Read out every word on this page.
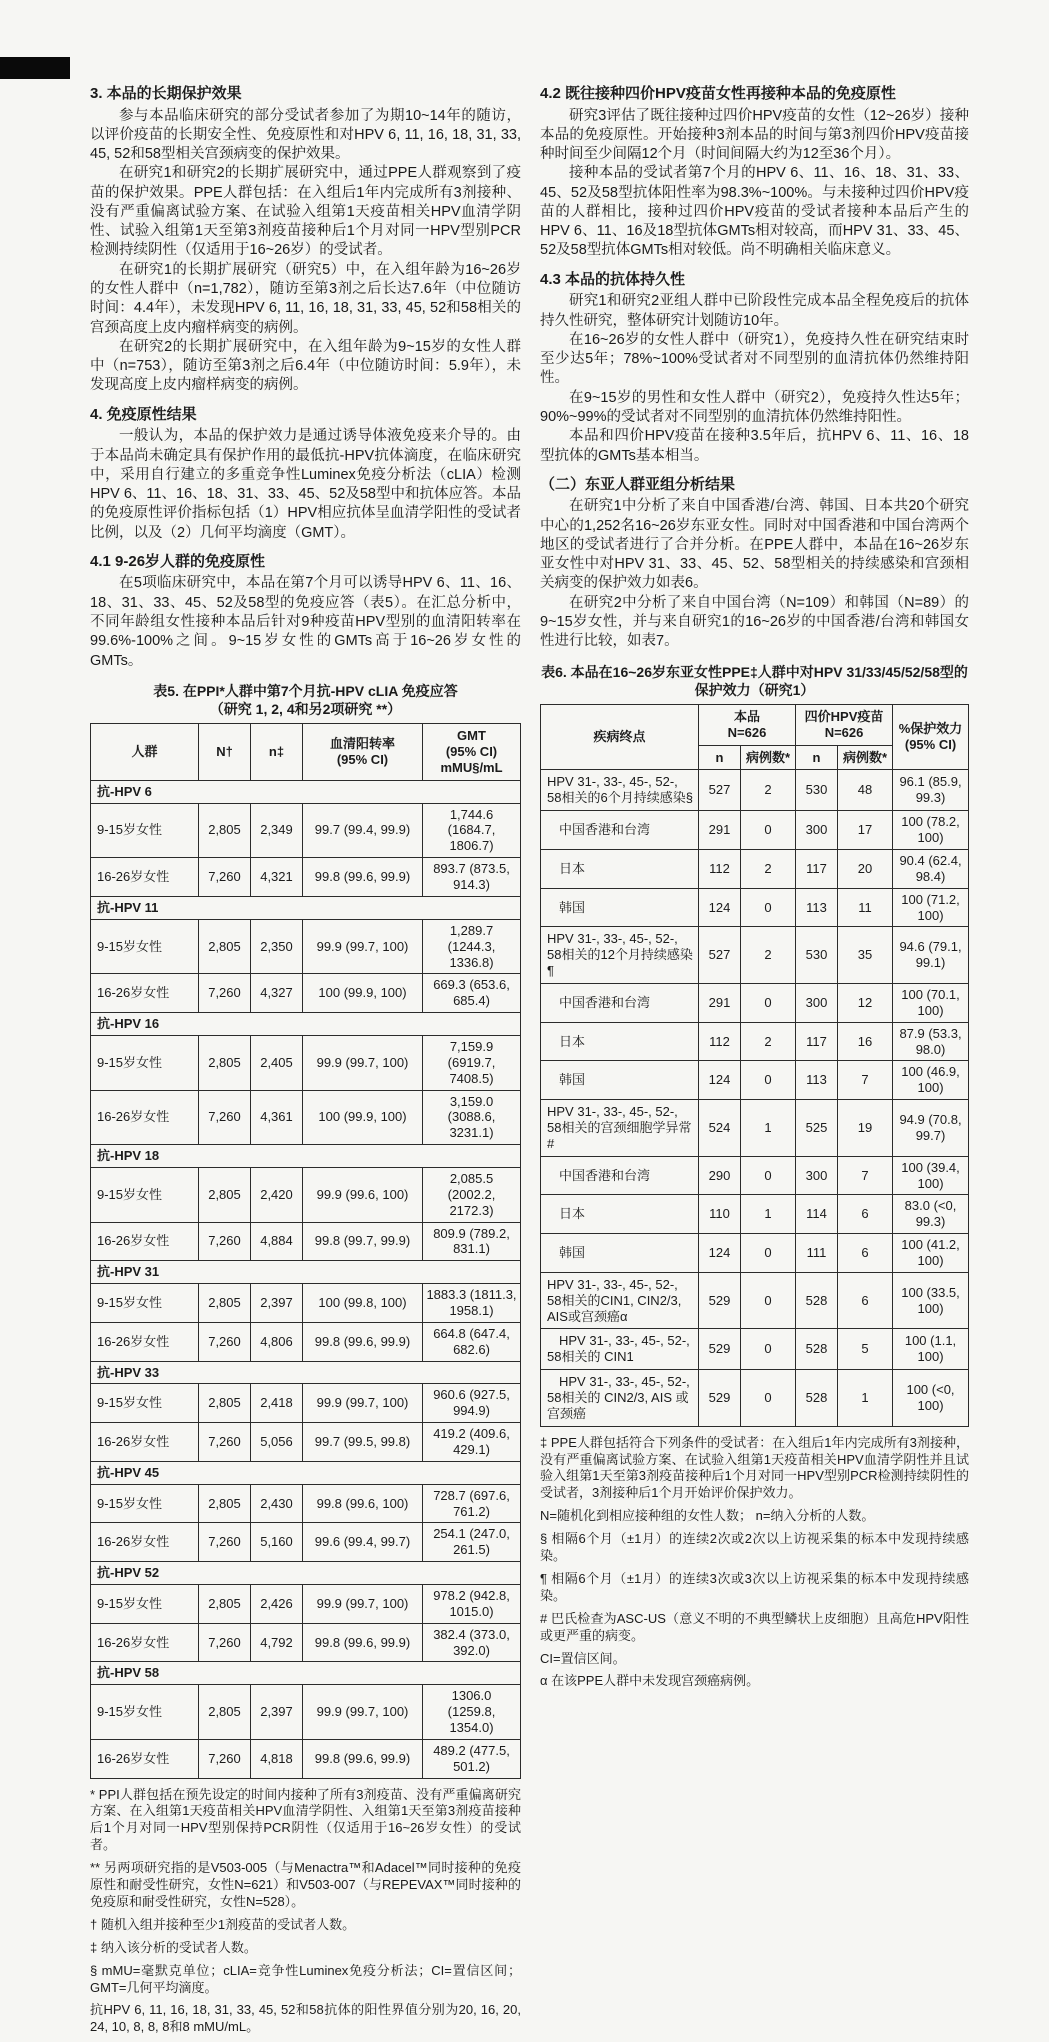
3. 本品的长期保护效果

参与本品临床研究的部分受试者参加了为期10~14年的随访，以评价疫苗的长期安全性、免疫原性和对HPV 6, 11, 16, 18, 31, 33, 45, 52和58型相关宫颈病变的保护效果。

在研究1和研究2的长期扩展研究中，通过PPE人群观察到了疫苗的保护效果。PPE人群包括：在入组后1年内完成所有3剂接种、没有严重偏离试验方案、在试验入组第1天疫苗相关HPV血清学阴性、试验入组第1天至第3剂疫苗接种后1个月对同一HPV型别PCR检测持续阴性（仅适用于16~26岁）的受试者。

在研究1的长期扩展研究（研究5）中，在入组年龄为16~26岁的女性人群中（n=1,782），随访至第3剂之后长达7.6年（中位随访时间：4.4年），未发现HPV 6, 11, 16, 18, 31, 33, 45, 52和58相关的宫颈高度上皮内瘤样病变的病例。

在研究2的长期扩展研究中，在入组年龄为9~15岁的女性人群中（n=753），随访至第3剂之后6.4年（中位随访时间：5.9年），未发现高度上皮内瘤样病变的病例。

4. 免疫原性结果

一般认为，本品的保护效力是通过诱导体液免疫来介导的。由于本品尚未确定具有保护作用的最低抗-HPV抗体滴度，在临床研究中，采用自行建立的多重竞争性Luminex免疫分析法（cLIA）检测HPV 6、11、16、18、31、33、45、52及58型中和抗体应答。本品的免疫原性评价指标包括（1）HPV相应抗体呈血清学阳性的受试者比例，以及（2）几何平均滴度（GMT）。

4.1 9-26岁人群的免疫原性

在5项临床研究中，本品在第7个月可以诱导HPV 6、11、16、18、31、33、45、52及58型的免疫应答（表5）。在汇总分析中，不同年龄组女性接种本品后针对9种疫苗HPV型别的血清阳转率在99.6%-100%之间。9~15岁女性的GMTs高于16~26岁女性的GMTs。

表5. 在PPI*人群中第7个月抗-HPV cLIA 免疫应答
（研究 1, 2, 4和另2项研究 **）
人群	N†	n‡	血清阳转率
(95% CI)	GMT
(95% CI) mMU§/mL
抗-HPV 6				
9-15岁女性	2,805	2,349	99.7 (99.4, 99.9)	1,744.6 (1684.7, 1806.7)
16-26岁女性	7,260	4,321	99.8 (99.6, 99.9)	893.7 (873.5, 914.3)
抗-HPV 11				
9-15岁女性	2,805	2,350	99.9 (99.7, 100)	1,289.7 (1244.3, 1336.8)
16-26岁女性	7,260	4,327	100 (99.9, 100)	669.3 (653.6, 685.4)
抗-HPV 16				
9-15岁女性	2,805	2,405	99.9 (99.7, 100)	7,159.9 (6919.7, 7408.5)
16-26岁女性	7,260	4,361	100 (99.9, 100)	3,159.0 (3088.6, 3231.1)
抗-HPV 18				
9-15岁女性	2,805	2,420	99.9 (99.6, 100)	2,085.5 (2002.2, 2172.3)
16-26岁女性	7,260	4,884	99.8 (99.7, 99.9)	809.9 (789.2, 831.1)
抗-HPV 31				
9-15岁女性	2,805	2,397	100 (99.8, 100)	1883.3 (1811.3, 1958.1)
16-26岁女性	7,260	4,806	99.8 (99.6, 99.9)	664.8 (647.4, 682.6)
抗-HPV 33				
9-15岁女性	2,805	2,418	99.9 (99.7, 100)	960.6 (927.5, 994.9)
16-26岁女性	7,260	5,056	99.7 (99.5, 99.8)	419.2 (409.6, 429.1)
抗-HPV 45				
9-15岁女性	2,805	2,430	99.8 (99.6, 100)	728.7 (697.6, 761.2)
16-26岁女性	7,260	5,160	99.6 (99.4, 99.7)	254.1 (247.0, 261.5)
抗-HPV 52				
9-15岁女性	2,805	2,426	99.9 (99.7, 100)	978.2 (942.8, 1015.0)
16-26岁女性	7,260	4,792	99.8 (99.6, 99.9)	382.4 (373.0, 392.0)
抗-HPV 58				
9-15岁女性	2,805	2,397	99.9 (99.7, 100)	1306.0 (1259.8, 1354.0)
16-26岁女性	7,260	4,818	99.8 (99.6, 99.9)	489.2 (477.5, 501.2)
* PPI人群包括在预先设定的时间内接种了所有3剂疫苗、没有严重偏离研究方案、在入组第1天疫苗相关HPV血清学阴性、入组第1天至第3剂疫苗接种后1个月对同一HPV型别保持PCR阴性（仅适用于16~26岁女性）的受试者。
** 另两项研究指的是V503-005（与Menactra™和Adacel™同时接种的免疫原性和耐受性研究，女性N=621）和V503-007（与REPEVAX™同时接种的免疫原和耐受性研究，女性N=528）。
† 随机入组并接种至少1剂疫苗的受试者人数。
‡ 纳入该分析的受试者人数。
§ mMU=毫默克单位；cLIA=竞争性Luminex免疫分析法；CI=置信区间；GMT=几何平均滴度。
抗HPV 6, 11, 16, 18, 31, 33, 45, 52和58抗体的阳性界值分别为20, 16, 20, 24, 10, 8, 8, 8和8 mMU/mL。
4.2 既往接种四价HPV疫苗女性再接种本品的免疫原性

研究3评估了既往接种过四价HPV疫苗的女性（12~26岁）接种本品的免疫原性。开始接种3剂本品的时间与第3剂四价HPV疫苗接种时间至少间隔12个月（时间间隔大约为12至36个月）。

接种本品的受试者第7个月的HPV 6、11、16、18、31、33、45、52及58型抗体阳性率为98.3%~100%。与未接种过四价HPV疫苗的人群相比，接种过四价HPV疫苗的受试者接种本品后产生的HPV 6、11、16及18型抗体GMTs相对较高，而HPV 31、33、45、52及58型抗体GMTs相对较低。尚不明确相关临床意义。

4.3 本品的抗体持久性

研究1和研究2亚组人群中已阶段性完成本品全程免疫后的抗体持久性研究，整体研究计划随访10年。

在16~26岁的女性人群中（研究1），免疫持久性在研究结束时至少达5年；78%~100%受试者对不同型别的血清抗体仍然维持阳性。

在9~15岁的男性和女性人群中（研究2），免疫持久性达5年；90%~99%的受试者对不同型别的血清抗体仍然维持阳性。

本品和四价HPV疫苗在接种3.5年后，抗HPV 6、11、16、18型抗体的GMTs基本相当。

（二）东亚人群亚组分析结果

在研究1中分析了来自中国香港/台湾、韩国、日本共20个研究中心的1,252名16~26岁东亚女性。同时对中国香港和中国台湾两个地区的受试者进行了合并分析。在PPE人群中，本品在16~26岁东亚女性中对HPV 31、33、45、52、58型相关的持续感染和宫颈相关病变的保护效力如表6。

在研究2中分析了来自中国台湾（N=109）和韩国（N=89）的9~15岁女性，并与来自研究1的16~26岁的中国香港/台湾和韩国女性进行比较，如表7。

表6. 本品在16~26岁东亚女性PPE‡人群中对HPV 31/33/45/52/58型的
保护效力（研究1）
疾病终点	本品
N=626		四价HPV疫苗
N=626		%保护效力
(95% CI)
	n	病例数*	n	病例数*	
HPV 31-, 33-, 45-, 52-, 58相关的6个月持续感染§	527	2	530	48	96.1 (85.9, 99.3)
中国香港和台湾	291	0	300	17	100 (78.2, 100)
日本	112	2	117	20	90.4 (62.4, 98.4)
韩国	124	0	113	11	100 (71.2, 100)
HPV 31-, 33-, 45-, 52-, 58相关的12个月持续感染¶	527	2	530	35	94.6 (79.1, 99.1)
中国香港和台湾	291	0	300	12	100 (70.1, 100)
日本	112	2	117	16	87.9 (53.3, 98.0)
韩国	124	0	113	7	100 (46.9, 100)
HPV 31-, 33-, 45-, 52-, 58相关的宫颈细胞学异常#	524	1	525	19	94.9 (70.8, 99.7)
中国香港和台湾	290	0	300	7	100 (39.4, 100)
日本	110	1	114	6	83.0 (<0, 99.3)
韩国	124	0	111	6	100 (41.2, 100)
HPV 31-, 33-, 45-, 52-, 58相关的CIN1, CIN2/3, AIS或宫颈癌α	529	0	528	6	100 (33.5, 100)
HPV 31-, 33-, 45-, 52-, 58相关的 CIN1	529	0	528	5	100 (1.1, 100)
HPV 31-, 33-, 45-, 52-, 58相关的 CIN2/3, AIS 或宫颈癌	529	0	528	1	100 (<0, 100)
‡ PPE人群包括符合下列条件的受试者：在入组后1年内完成所有3剂接种，没有严重偏离试验方案、在试验入组第1天疫苗相关HPV血清学阴性并且试验入组第1天至第3剂疫苗接种后1个月对同一HPV型别PCR检测持续阴性的受试者，3剂接种后1个月开始评价保护效力。
N=随机化到相应接种组的女性人数； n=纳入分析的人数。
§ 相隔6个月（±1月）的连续2次或2次以上访视采集的标本中发现持续感染。
¶ 相隔6个月（±1月）的连续3次或3次以上访视采集的标本中发现持续感染。
# 巴氏检查为ASC-US（意义不明的不典型鳞状上皮细胞）且高危HPV阳性或更严重的病变。
CI=置信区间。
α 在该PPE人群中未发现宫颈癌病例。
